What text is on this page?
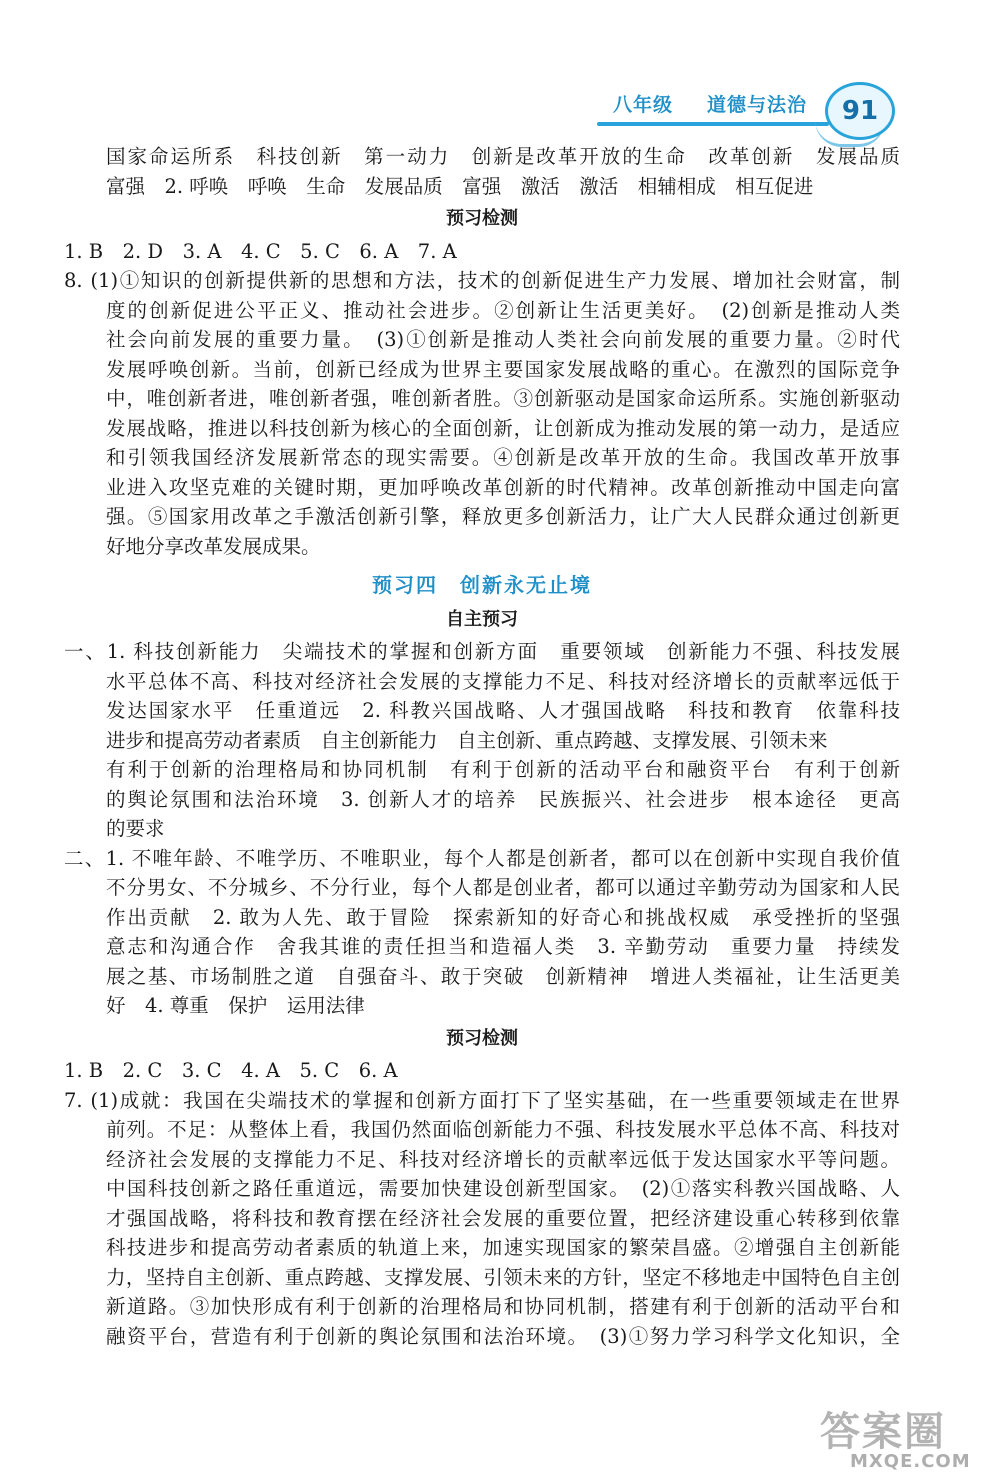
八年级 道德与法治	91
国家命运所系　科技创新　第一动力　创新是改革开放的生命　改革创新　发展品质
富强　2. 呼唤　呼唤　生命　发展品质　富强　激活　激活　相辅相成　相互促进
预习检测
1. B　2. D　3. A　4. C　5. C　6. A　7. A
8. (1)①知识的创新提供新的思想和方法，技术的创新促进生产力发展、增加社会财富，制
度的创新促进公平正义、推动社会进步。②创新让生活更美好。　(2)创新是推动人类
社会向前发展的重要力量。　(3)①创新是推动人类社会向前发展的重要力量。②时代
发展呼唤创新。当前，创新已经成为世界主要国家发展战略的重心。在激烈的国际竞争
中，唯创新者进，唯创新者强，唯创新者胜。③创新驱动是国家命运所系。实施创新驱动
发展战略，推进以科技创新为核心的全面创新，让创新成为推动发展的第一动力，是适应
和引领我国经济发展新常态的现实需要。④创新是改革开放的生命。我国改革开放事
业进入攻坚克难的关键时期，更加呼唤改革创新的时代精神。改革创新推动中国走向富
强。⑤国家用改革之手激活创新引擎，释放更多创新活力，让广大人民群众通过创新更
好地分享改革发展成果。
预习四　创新永无止境
自主预习
一、1. 科技创新能力　尖端技术的掌握和创新方面　重要领域　创新能力不强、科技发展
水平总体不高、科技对经济社会发展的支撑能力不足、科技对经济增长的贡献率远低于
发达国家水平　任重道远　2. 科教兴国战略、人才强国战略　科技和教育　依靠科技
进步和提高劳动者素质　自主创新能力　自主创新、重点跨越、支撑发展、引领未来
有利于创新的治理格局和协同机制　有利于创新的活动平台和融资平台　有利于创新
的舆论氛围和法治环境　3. 创新人才的培养　民族振兴、社会进步　根本途径　更高
的要求
二、1. 不唯年龄、不唯学历、不唯职业，每个人都是创新者，都可以在创新中实现自我价值
不分男女、不分城乡、不分行业，每个人都是创业者，都可以通过辛勤劳动为国家和人民
作出贡献　2. 敢为人先、敢于冒险　探索新知的好奇心和挑战权威　承受挫折的坚强
意志和沟通合作　舍我其谁的责任担当和造福人类　3. 辛勤劳动　重要力量　持续发
展之基、市场制胜之道　自强奋斗、敢于突破　创新精神　增进人类福祉，让生活更美
好　4. 尊重　保护　运用法律
预习检测
1. B　2. C　3. C　4. A　5. C　6. A
7. (1)成就：我国在尖端技术的掌握和创新方面打下了坚实基础，在一些重要领域走在世界
前列。不足：从整体上看，我国仍然面临创新能力不强、科技发展水平总体不高、科技对
经济社会发展的支撑能力不足、科技对经济增长的贡献率远低于发达国家水平等问题。
中国科技创新之路任重道远，需要加快建设创新型国家。　(2)①落实科教兴国战略、人
才强国战略，将科技和教育摆在经济社会发展的重要位置，把经济建设重心转移到依靠
科技进步和提高劳动者素质的轨道上来，加速实现国家的繁荣昌盛。②增强自主创新能
力，坚持自主创新、重点跨越、支撑发展、引领未来的方针，坚定不移地走中国特色自主创
新道路。③加快形成有利于创新的治理格局和协同机制，搭建有利于创新的活动平台和
融资平台，营造有利于创新的舆论氛围和法治环境。　(3)①努力学习科学文化知识，全
答案圈
MXQE.COM
